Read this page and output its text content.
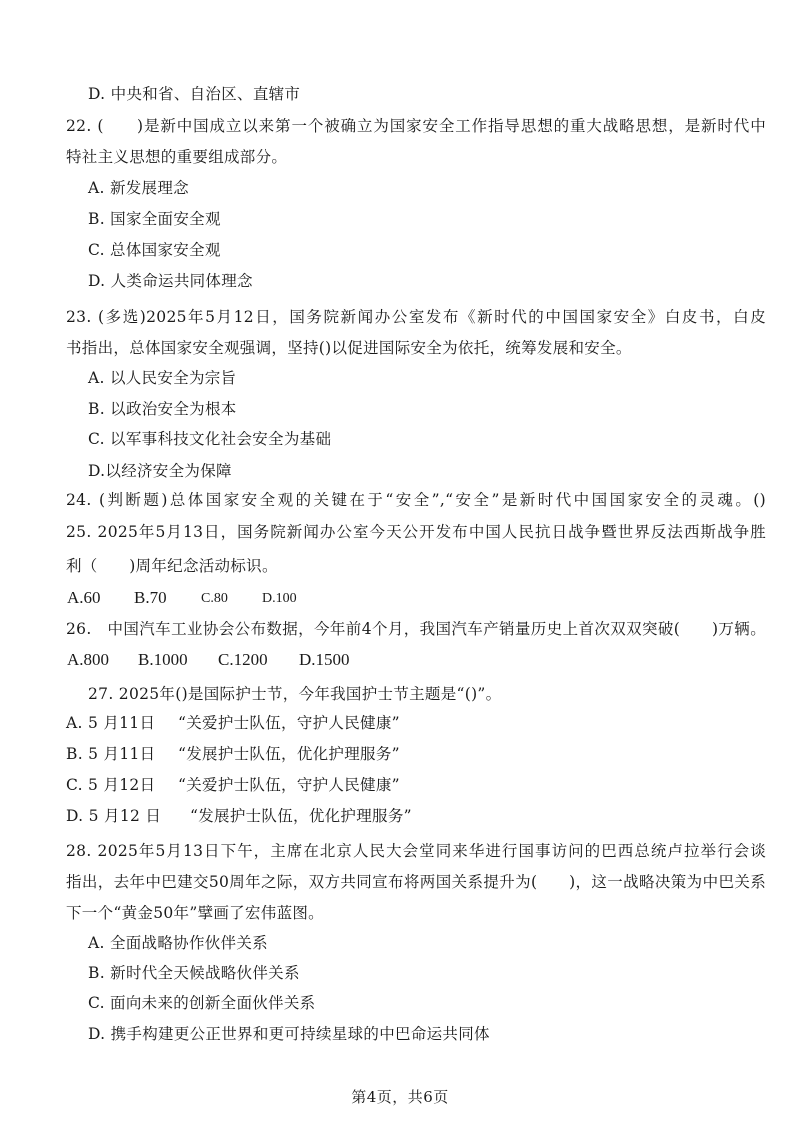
D. 中央和省、自治区、直辖市
22. (　　)是新中国成立以来第一个被确立为国家安全工作指导思想的重大战略思想，是新时代中
特社主义思想的重要组成部分。
A. 新发展理念
B. 国家全面安全观
C. 总体国家安全观
D. 人类命运共同体理念
23. (多选)2025年5月12日，国务院新闻办公室发布《新时代的中国国家安全》白皮书，白皮
书指出，总体国家安全观强调，坚持()以促进国际安全为依托，统筹发展和安全。
A. 以人民安全为宗旨
B. 以政治安全为根本
C. 以军事科技文化社会安全为基础
D.以经济安全为保障
24. (判断题)总体国家安全观的关键在于“安全”,“安全”是新时代中国国家安全的灵魂。()
25. 2025年5月13日，国务院新闻办公室今天公开发布中国人民抗日战争暨世界反法西斯战争胜
利（　　)周年纪念活动标识。
A.60 B.70 C.80 D.100
26.　中国汽车工业协会公布数据，今年前4个月，我国汽车产销量历史上首次双双突破(　　)万辆。
A.800 B.1000 C.1200 D.1500
27. 2025年()是国际护士节，今年我国护士节主题是“()”。
A. 5 月11日 “关爱护士队伍，守护人民健康”
B. 5 月11日 “发展护士队伍，优化护理服务”
C. 5 月12日 “关爱护士队伍，守护人民健康”
D. 5 月12 日 “发展护士队伍，优化护理服务”
28. 2025年5月13日下午，主席在北京人民大会堂同来华进行国事访问的巴西总统卢拉举行会谈
指出，去年中巴建交50周年之际，双方共同宣布将两国关系提升为(　　)，这一战略决策为中巴关系
下一个“黄金50年”擘画了宏伟蓝图。
A. 全面战略协作伙伴关系
B. 新时代全天候战略伙伴关系
C. 面向未来的创新全面伙伴关系
D. 携手构建更公正世界和更可持续星球的中巴命运共同体
第4页，共6页
